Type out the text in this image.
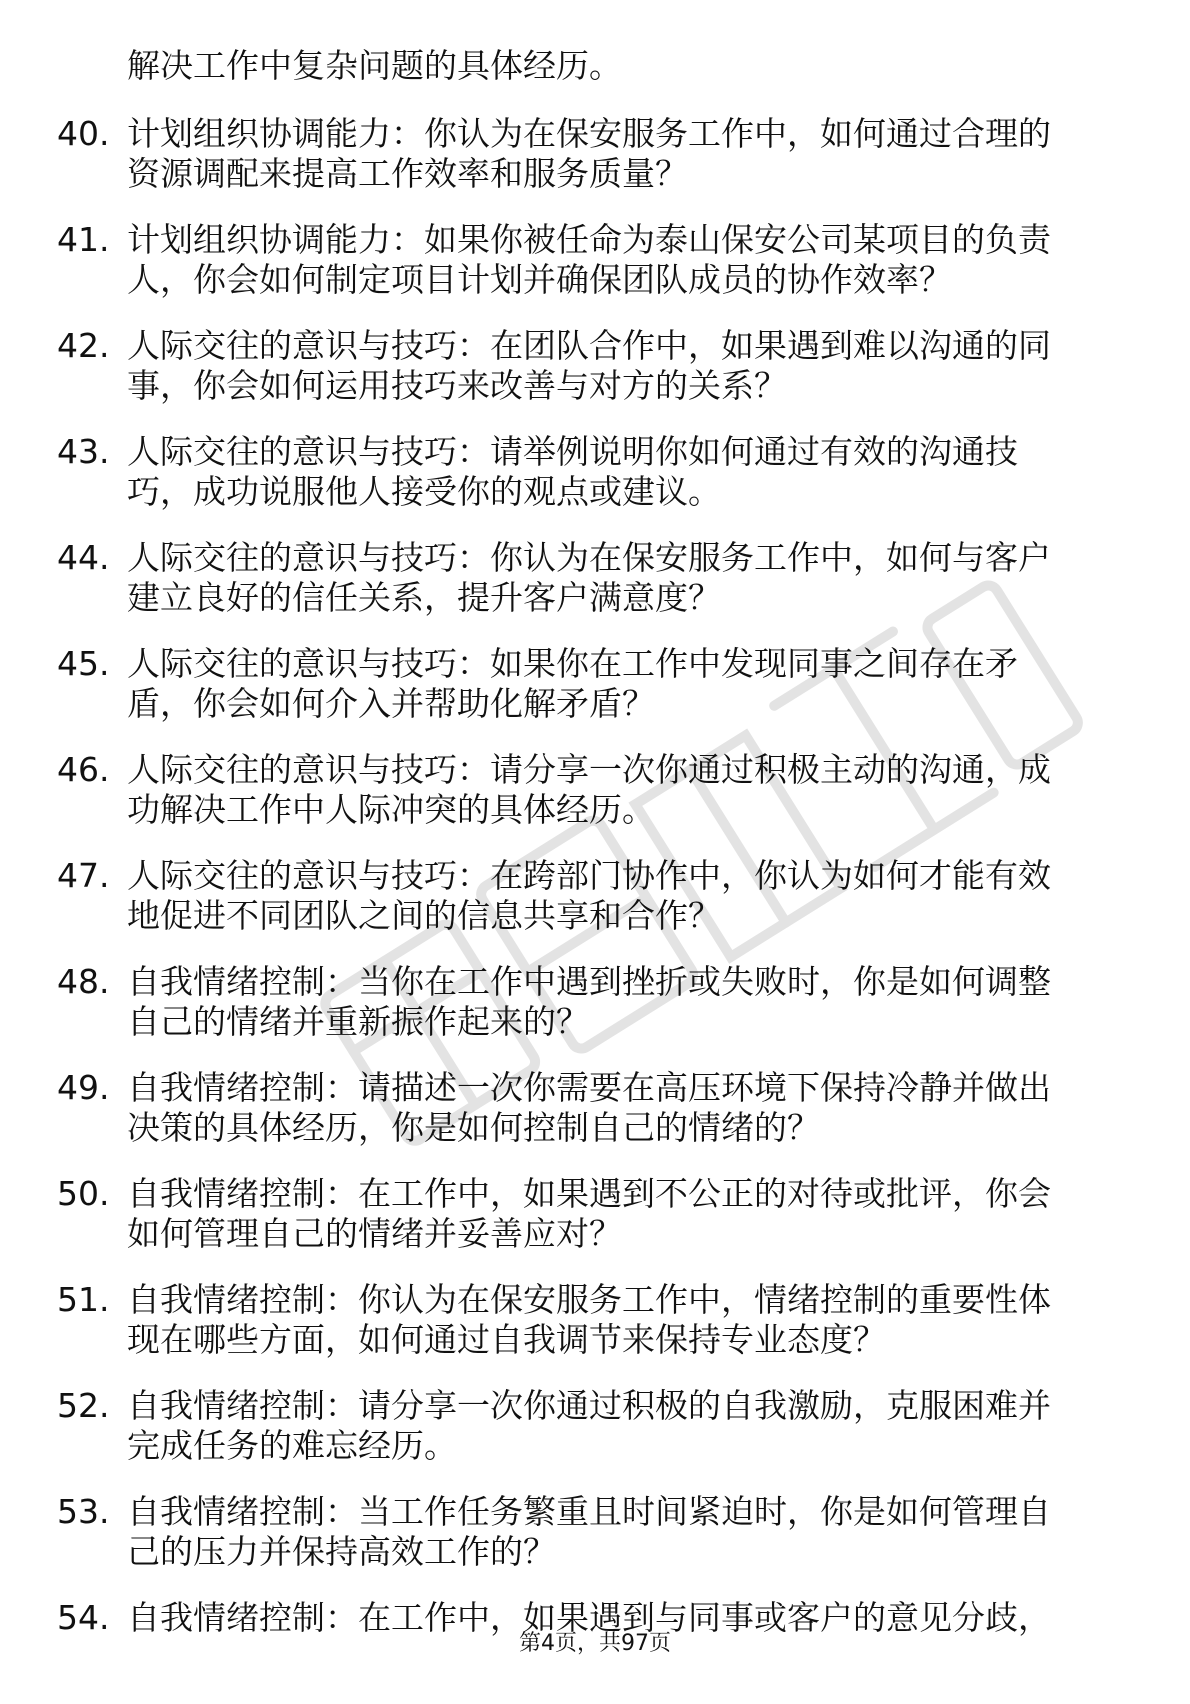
解决工作中复杂问题的具体经历。
40. 计划组织协调能力：你认为在保安服务工作中，如何通过合理的
资源调配来提高工作效率和服务质量？
41. 计划组织协调能力：如果你被任命为泰山保安公司某项目的负责
人，你会如何制定项目计划并确保团队成员的协作效率？
42. 人际交往的意识与技巧：在团队合作中，如果遇到难以沟通的同
事，你会如何运用技巧来改善与对方的关系？
43. 人际交往的意识与技巧：请举例说明你如何通过有效的沟通技
巧，成功说服他人接受你的观点或建议。
44. 人际交往的意识与技巧：你认为在保安服务工作中，如何与客户
建立良好的信任关系，提升客户满意度？
45. 人际交往的意识与技巧：如果你在工作中发现同事之间存在矛
盾，你会如何介入并帮助化解矛盾？
46. 人际交往的意识与技巧：请分享一次你通过积极主动的沟通，成
功解决工作中人际冲突的具体经历。
47. 人际交往的意识与技巧：在跨部门协作中，你认为如何才能有效
地促进不同团队之间的信息共享和合作？
48. 自我情绪控制：当你在工作中遇到挫折或失败时，你是如何调整
自己的情绪并重新振作起来的？
49. 自我情绪控制：请描述一次你需要在高压环境下保持冷静并做出
决策的具体经历，你是如何控制自己的情绪的？
50. 自我情绪控制：在工作中，如果遇到不公正的对待或批评，你会
如何管理自己的情绪并妥善应对？
51. 自我情绪控制：你认为在保安服务工作中，情绪控制的重要性体
现在哪些方面，如何通过自我调节来保持专业态度？
52. 自我情绪控制：请分享一次你通过积极的自我激励，克服困难并
完成任务的难忘经历。
53. 自我情绪控制：当工作任务繁重且时间紧迫时，你是如何管理自
己的压力并保持高效工作的？
54. 自我情绪控制：在工作中，如果遇到与同事或客户的意见分歧，
第4页，共97页
